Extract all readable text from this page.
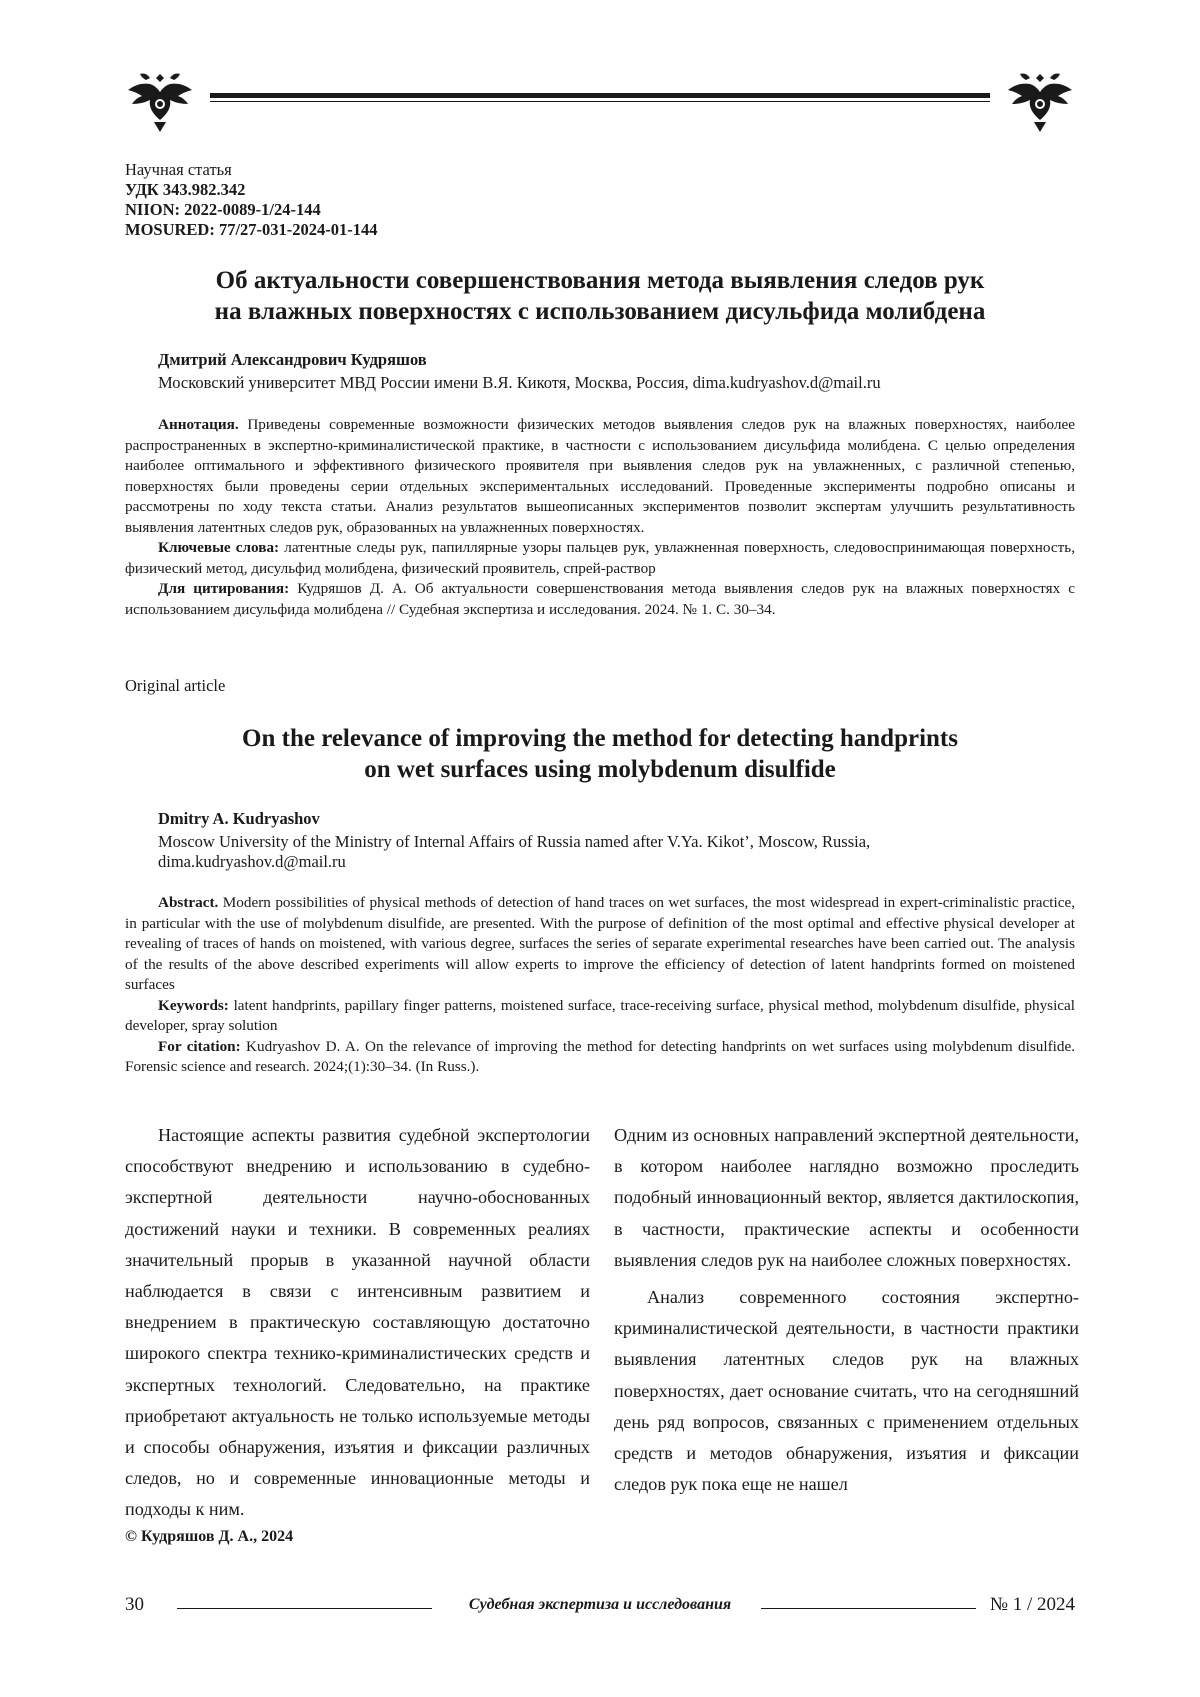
Научная статья
УДК 343.982.342
NIION: 2022-0089-1/24-144
MOSURED: 77/27-031-2024-01-144
Об актуальности совершенствования метода выявления следов рук
на влажных поверхностях с использованием дисульфида молибдена
Дмитрий Александрович Кудряшов
Московский университет МВД России имени В.Я. Кикотя, Москва, Россия, dima.kudryashov.d@mail.ru

Аннотация. Приведены современные возможности физических методов выявления следов рук на влажных поверхностях, наиболее распространенных в экспертно-криминалистической практике, в частности с использованием дисульфида молибдена. С целью определения наиболее оптимального и эффективного физического проявителя при выявления следов рук на увлажненных, с различной степенью, поверхностях были проведены серии отдельных экспериментальных исследований. Проведенные эксперименты подробно описаны и рассмотрены по ходу текста статьи. Анализ результатов вышеописанных экспериментов позволит экспертам улучшить результативность выявления латентных следов рук, образованных на увлажненных поверхностях.

Ключевые слова: латентные следы рук, папиллярные узоры пальцев рук, увлажненная поверхность, следовоспринимающая поверхность, физический метод, дисульфид молибдена, физический проявитель, спрей-раствор

Для цитирования: Кудряшов Д. А. Об актуальности совершенствования метода выявления следов рук на влажных поверхностях с использованием дисульфида молибдена // Судебная экспертиза и исследования. 2024. № 1. С. 30–34.

Original article
On the relevance of improving the method for detecting handprints
on wet surfaces using molybdenum disulfide
Dmitry A. Kudryashov
Moscow University of the Ministry of Internal Affairs of Russia named after V.Ya. Kikot’, Moscow, Russia,
dima.kudryashov.d@mail.ru

Abstract. Modern possibilities of physical methods of detection of hand traces on wet surfaces, the most widespread in expert-criminalistic practice, in particular with the use of molybdenum disulfide, are presented. With the purpose of definition of the most optimal and effective physical developer at revealing of traces of hands on moistened, with various degree, surfaces the series of separate experimental researches have been carried out. The analysis of the results of the above described experiments will allow experts to improve the efficiency of detection of latent handprints formed on moistened surfaces

Keywords: latent handprints, papillary finger patterns, moistened surface, trace-receiving surface, physical method, molybdenum disulfide, physical developer, spray solution

For citation: Kudryashov D. A. On the relevance of improving the method for detecting handprints on wet surfaces using molybdenum disulfide. Forensic science and research. 2024;(1):30–34. (In Russ.).

Настоящие аспекты развития судебной экспертологии способствуют внедрению и использованию в судебно-экспертной деятельности научно-обоснованных достижений науки и техники. В современных реалиях значительный прорыв в указанной научной области наблюдается в связи с интенсивным развитием и внедрением в практическую составляющую достаточно широкого спектра технико-криминалистических средств и экспертных технологий. Следовательно, на практике приобретают актуальность не только используемые методы и способы обнаружения, изъятия и фиксации различных следов, но и современные инновационные методы и подходы к ним.

Одним из основных направлений экспертной деятельности, в котором наиболее наглядно возможно проследить подобный инновационный вектор, является дактилоскопия, в частности, практические аспекты и особенности выявления следов рук на наиболее сложных поверхностях.

Анализ современного состояния экспертно-криминалистической деятельности, в частности практики выявления латентных следов рук на влажных поверхностях, дает основание считать, что на сегодняшний день ряд вопросов, связанных с применением отдельных средств и методов обнаружения, изъятия и фиксации следов рук пока еще не нашел

© Кудряшов Д. А., 2024
30	Судебная экспертиза и исследования	№ 1 / 2024
